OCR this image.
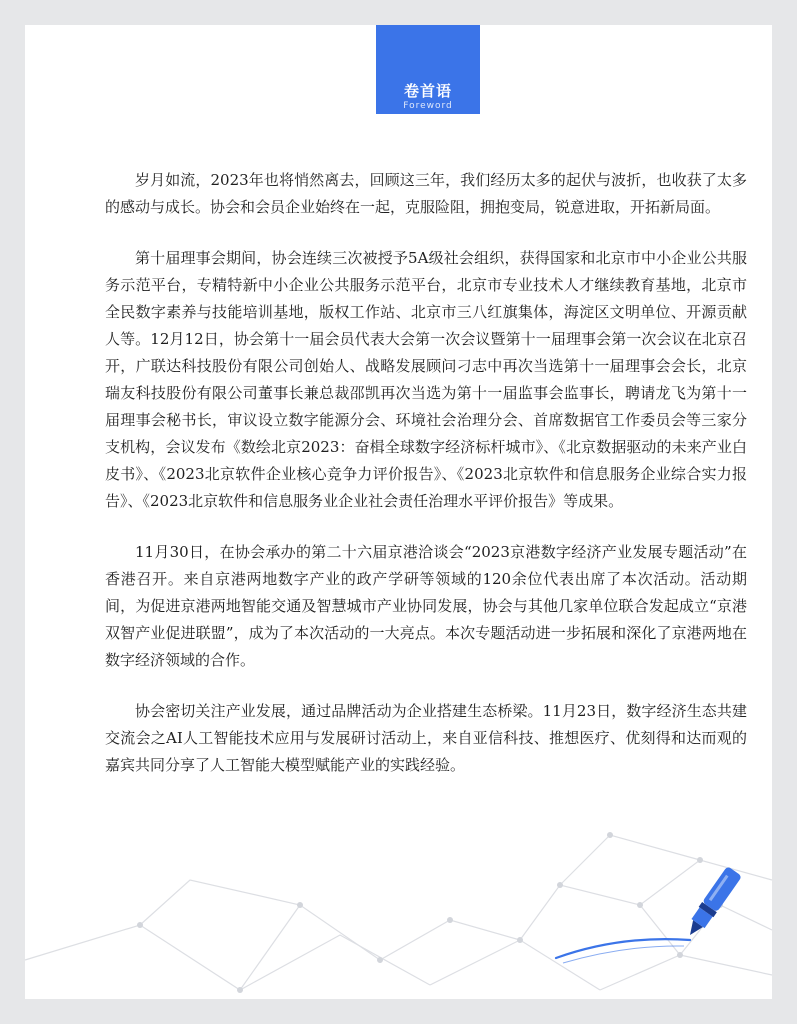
卷首语
Foreword

岁月如流，2023年也将悄然离去，回顾这三年，我们经历太多的起伏与波折，也收获了太多的感动与成长。协会和会员企业始终在一起，克服险阻，拥抱变局，锐意进取，开拓新局面。

第十届理事会期间，协会连续三次被授予5A级社会组织，获得国家和北京市中小企业公共服务示范平台，专精特新中小企业公共服务示范平台，北京市专业技术人才继续教育基地，北京市全民数字素养与技能培训基地，版权工作站、北京市三八红旗集体，海淀区文明单位、开源贡献人等。12月12日，协会第十一届会员代表大会第一次会议暨第十一届理事会第一次会议在北京召开，广联达科技股份有限公司创始人、战略发展顾问刁志中再次当选第十一届理事会会长，北京瑞友科技股份有限公司董事长兼总裁邵凯再次当选为第十一届监事会监事长，聘请龙飞为第十一届理事会秘书长，审议设立数字能源分会、环境社会治理分会、首席数据官工作委员会等三家分支机构，会议发布《数绘北京2023：奋楫全球数字经济标杆城市》、《北京数据驱动的未来产业白皮书》、《2023北京软件企业核心竞争力评价报告》、《2023北京软件和信息服务企业综合实力报告》、《2023北京软件和信息服务业企业社会责任治理水平评价报告》等成果。

11月30日，在协会承办的第二十六届京港洽谈会“2023京港数字经济产业发展专题活动”在香港召开。来自京港两地数字产业的政产学研等领域的120余位代表出席了本次活动。活动期间，为促进京港两地智能交通及智慧城市产业协同发展，协会与其他几家单位联合发起成立“京港双智产业促进联盟”，成为了本次活动的一大亮点。本次专题活动进一步拓展和深化了京港两地在数字经济领域的合作。

协会密切关注产业发展，通过品牌活动为企业搭建生态桥梁。11月23日，数字经济生态共建交流会之AI人工智能技术应用与发展研讨活动上，来自亚信科技、推想医疗、优刻得和达而观的嘉宾共同分享了人工智能大模型赋能产业的实践经验。
